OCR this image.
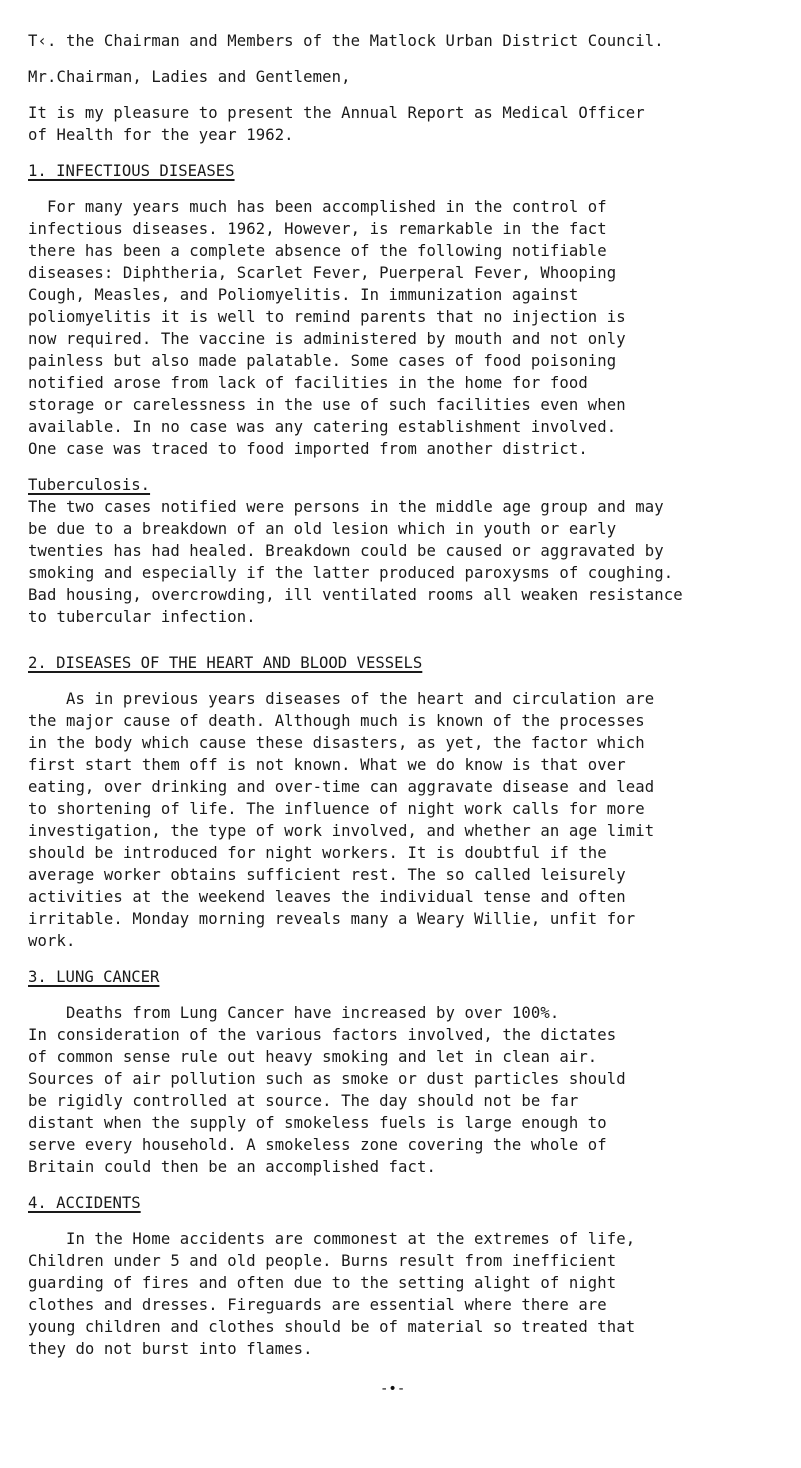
T‹. the Chairman and Members of the Matlock Urban District Council.
Mr.Chairman, Ladies and Gentlemen,
It is my pleasure to present the Annual Report as Medical Officer
of Health for the year 1962.
1. INFECTIOUS DISEASES
For many years much has been accomplished in the control of
infectious diseases. 1962, However, is remarkable in the fact
there has been a complete absence of the following notifiable
diseases: Diphtheria, Scarlet Fever, Puerperal Fever, Whooping
Cough, Measles, and Poliomyelitis. In immunization against
poliomyelitis it is well to remind parents that no injection is
now required. The vaccine is administered by mouth and not only
painless but also made palatable. Some cases of food poisoning
notified arose from lack of facilities in the home for food
storage or carelessness in the use of such facilities even when
available. In no case was any catering establishment involved.
One case was traced to food imported from another district.
Tuberculosis.
The two cases notified were persons in the middle age group and may
be due to a breakdown of an old lesion which in youth or early
twenties has had healed. Breakdown could be caused or aggravated by
smoking and especially if the latter produced paroxysms of coughing.
Bad housing, overcrowding, ill ventilated rooms all weaken resistance
to tubercular infection.
2. DISEASES OF THE HEART AND BLOOD VESSELS
As in previous years diseases of the heart and circulation are
the major cause of death. Although much is known of the processes
in the body which cause these disasters, as yet, the factor which
first start them off is not known. What we do know is that over
eating, over drinking and over-time can aggravate disease and lead
to shortening of life. The influence of night work calls for more
investigation, the type of work involved, and whether an age limit
should be introduced for night workers. It is doubtful if the
average worker obtains sufficient rest. The so called leisurely
activities at the weekend leaves the individual tense and often
irritable. Monday morning reveals many a Weary Willie, unfit for
work.
3. LUNG CANCER
Deaths from Lung Cancer have increased by over 100%.
In consideration of the various factors involved, the dictates
of common sense rule out heavy smoking and let in clean air.
Sources of air pollution such as smoke or dust particles should
be rigidly controlled at source. The day should not be far
distant when the supply of smokeless fuels is large enough to
serve every household. A smokeless zone covering the whole of
Britain could then be an accomplished fact.
4. ACCIDENTS
In the Home accidents are commonest at the extremes of life,
Children under 5 and old people. Burns result from inefficient
guarding of fires and often due to the setting alight of night
clothes and dresses. Fireguards are essential where there are
young children and clothes should be of material so treated that
they do not burst into flames.
-•-
